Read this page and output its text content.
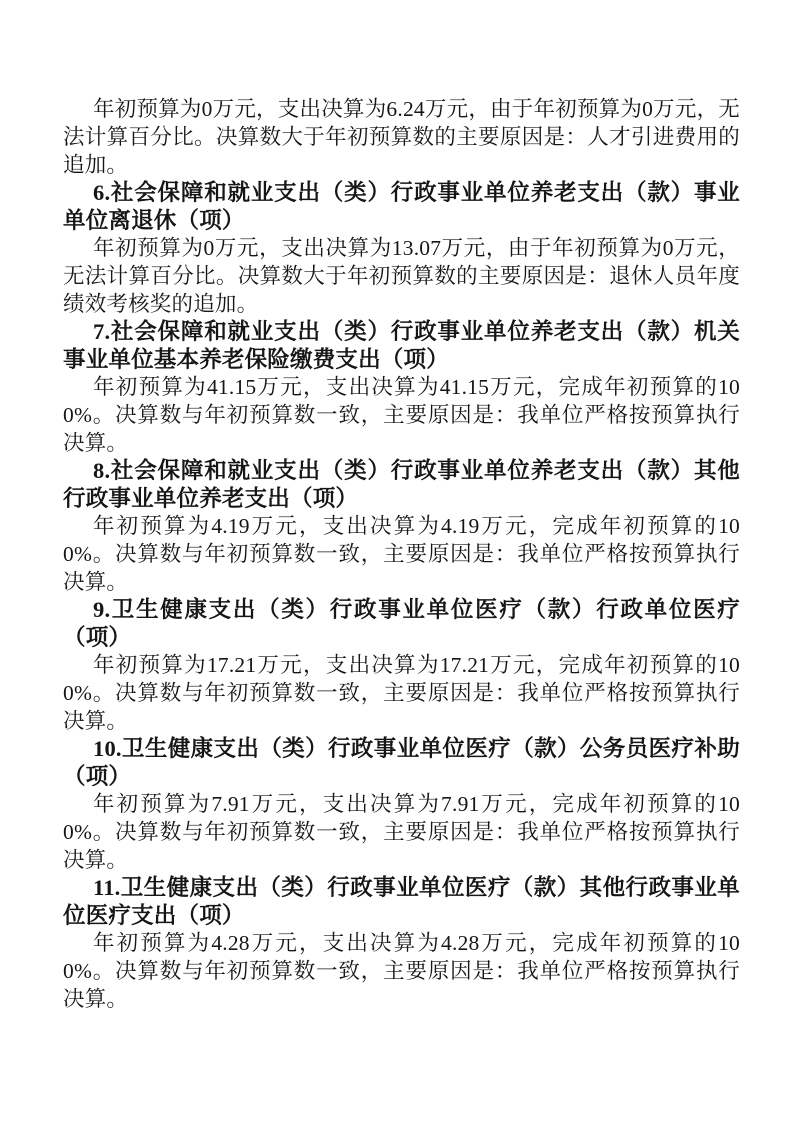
年初预算为0万元，支出决算为6.24万元，由于年初预算为0万元，无法计算百分比。决算数大于年初预算数的主要原因是：人才引进费用的追加。

6.社会保障和就业支出（类）行政事业单位养老支出（款）事业单位离退休（项）

年初预算为0万元，支出决算为13.07万元，由于年初预算为0万元，无法计算百分比。决算数大于年初预算数的主要原因是：退休人员年度绩效考核奖的追加。

7.社会保障和就业支出（类）行政事业单位养老支出（款）机关事业单位基本养老保险缴费支出（项）

年初预算为41.15万元，支出决算为41.15万元，完成年初预算的100%。决算数与年初预算数一致，主要原因是：我单位严格按预算执行决算。

8.社会保障和就业支出（类）行政事业单位养老支出（款）其他行政事业单位养老支出（项）

年初预算为4.19万元，支出决算为4.19万元，完成年初预算的100%。决算数与年初预算数一致，主要原因是：我单位严格按预算执行决算。

9.卫生健康支出（类）行政事业单位医疗（款）行政单位医疗（项）

年初预算为17.21万元，支出决算为17.21万元，完成年初预算的100%。决算数与年初预算数一致，主要原因是：我单位严格按预算执行决算。

10.卫生健康支出（类）行政事业单位医疗（款）公务员医疗补助（项）

年初预算为7.91万元，支出决算为7.91万元，完成年初预算的100%。决算数与年初预算数一致，主要原因是：我单位严格按预算执行决算。

11.卫生健康支出（类）行政事业单位医疗（款）其他行政事业单位医疗支出（项）

年初预算为4.28万元，支出决算为4.28万元，完成年初预算的100%。决算数与年初预算数一致，主要原因是：我单位严格按预算执行决算。
